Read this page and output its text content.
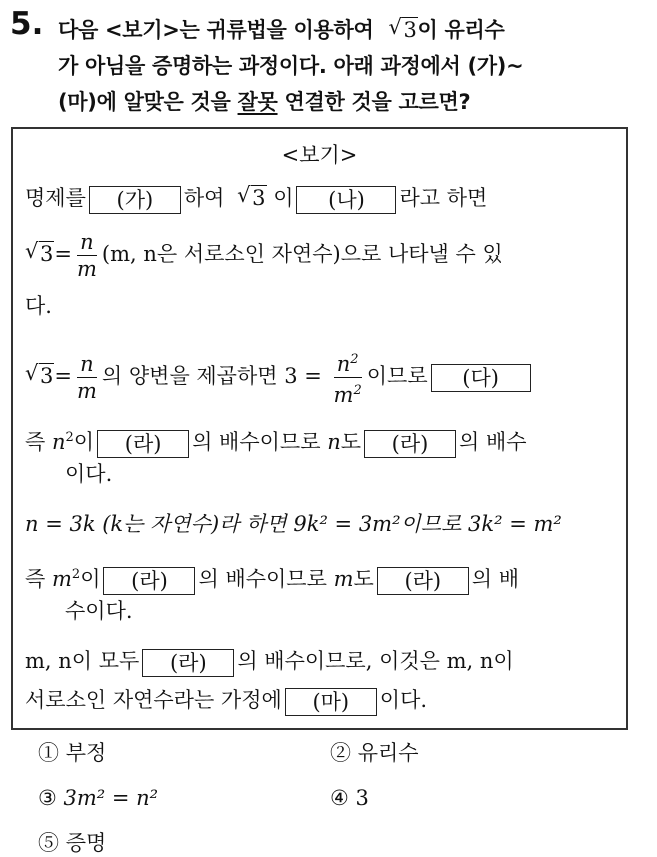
5. 다음 <보기>는 귀류법을 이용하여 √ 3이 유리수
가 아님을 증명하는 과정이다. 아래 과정에서 (가)~
(마)에 알맞은 것을 잘못 연결한 것을 고르면?
<보기>
명제를 (가) 하여 √ 3 이 (나) 라고 하면
√ $3= \frac{n}{m} (m$, n은 서로소인 자연수)으로 나타낼 수 있
다.
√ $3= \frac{n}{m}$ 의 양변을 제곱하면 $3 = \frac{n^2}{m^2}$ 이므로 (다)
즉 $n^2$이 (라) 의 배수이므로 n도 (라) 의 배수
이다.
n = 3k (k는 자연수)라 하면 9k² = 3m²이므로 3k² = m²
즉 $m^2$이 (라) 의 배수이므로 m도 (라) 의 배
수이다.
m, n이 모두 (라) 의 배수이므로, 이것은 m, n이
서로소인 자연수라는 가정에 (마) 이다.
① 부정	② 유리수
③ 3m² = n²	④ 3
⑤ 증명
